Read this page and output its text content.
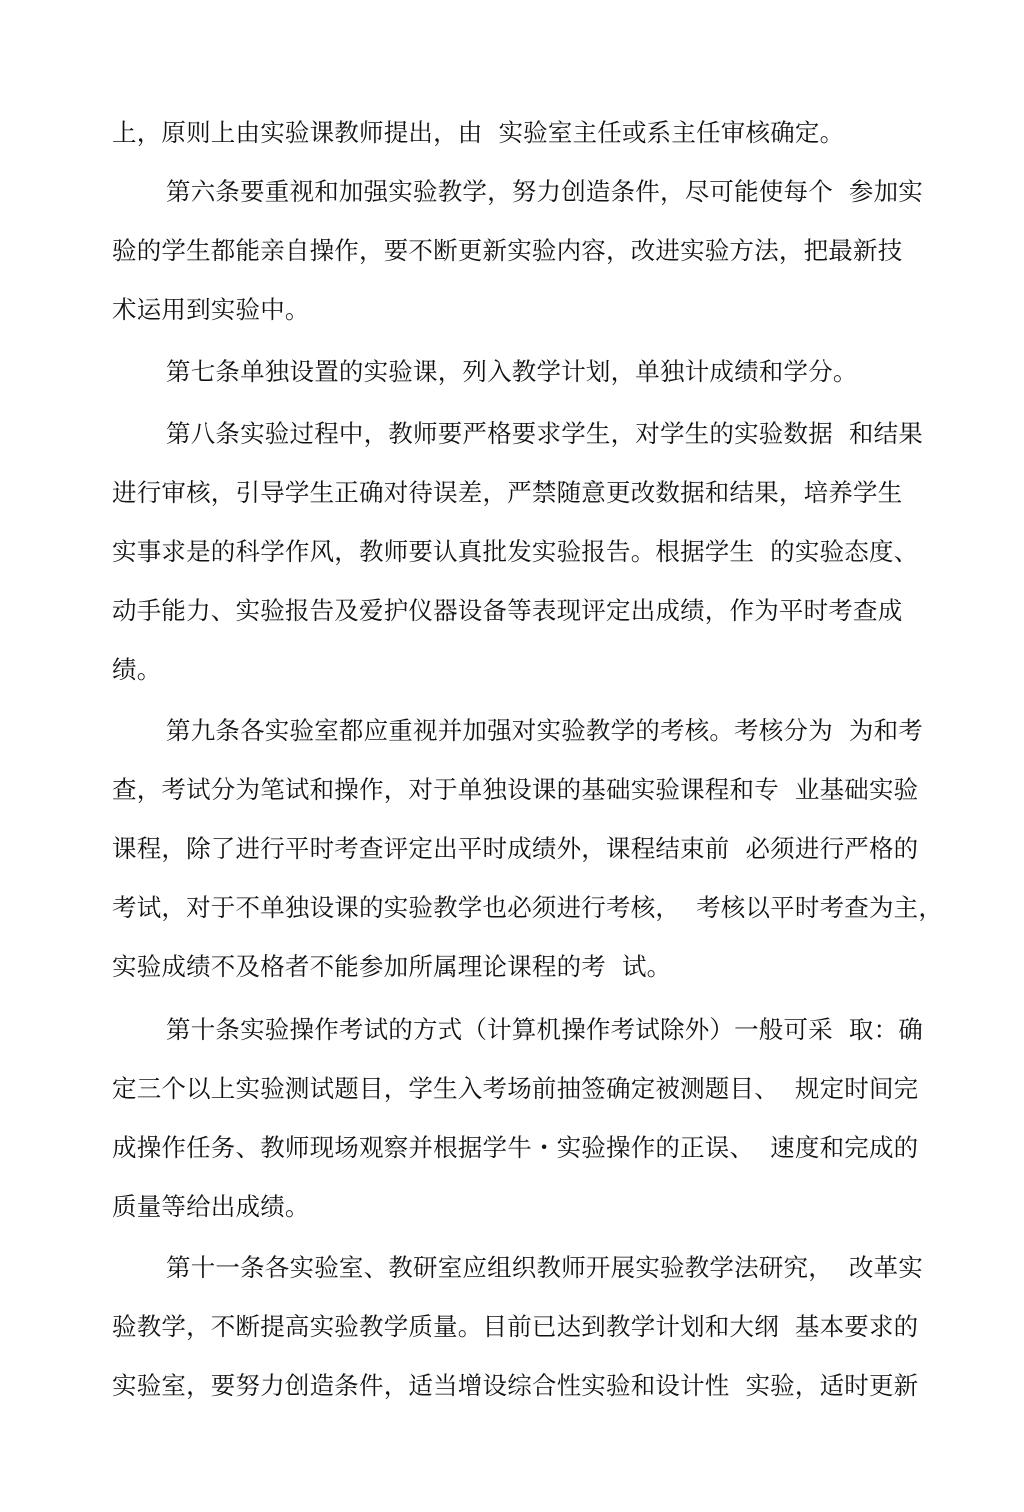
上，原则上由实验课教师提出，由  实验室主任或系主任审核确定。
第六条要重视和加强实验教学，努力创造条件，尽可能使每个  参加实
验的学生都能亲自操作，要不断更新实验内容，改进实验方法，把最新技
术运用到实验中。
第七条单独设置的实验课，列入教学计划，单独计成绩和学分。
第八条实验过程中，教师要严格要求学生，对学生的实验数据  和结果
进行审核，引导学生正确对待误差，严禁随意更改数据和结果，培养学生
实事求是的科学作风，教师要认真批发实验报告。根据学生  的实验态度、
动手能力、实验报告及爱护仪器设备等表现评定出成绩，作为平时考查成
绩。
第九条各实验室都应重视并加强对实验教学的考核。考核分为  为和考
查，考试分为笔试和操作，对于单独设课的基础实验课程和专  业基础实验
课程，除了进行平时考查评定出平时成绩外，课程结束前  必须进行严格的
考试，对于不单独设课的实验教学也必须进行考核，  考核以平时考查为主，
实验成绩不及格者不能参加所属理论课程的考  试。
第十条实验操作考试的方式（计算机操作考试除外）一般可采  取：确
定三个以上实验测试题目，学生入考场前抽签确定被测题目、  规定时间完
成操作任务、教师现场观察并根据学牛・实验操作的正误、  速度和完成的
质量等给出成绩。
第十一条各实验室、教研室应组织教师开展实验教学法研究，  改革实
验教学，不断提高实验教学质量。目前已达到教学计划和大纲  基本要求的
实验室，要努力创造条件，适当增设综合性实验和设计性  实验，适时更新
